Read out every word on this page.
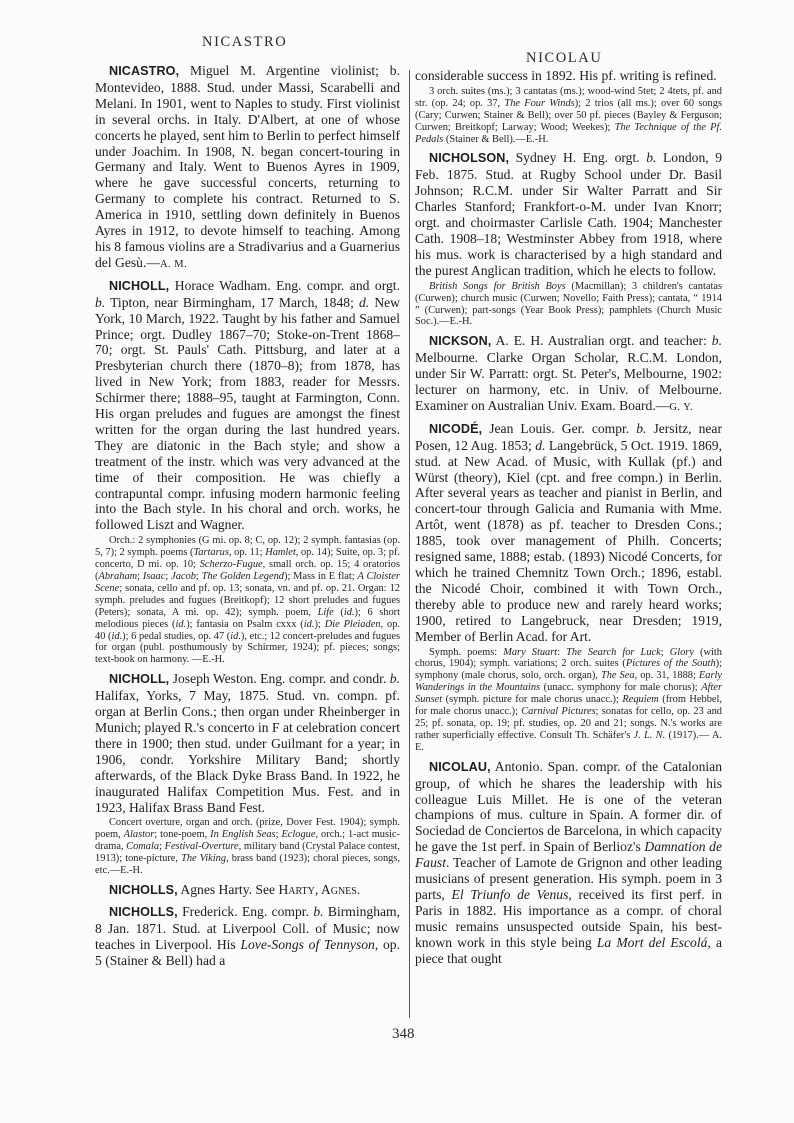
NICASTRO
NICOLAU

NICASTRO, Miguel M. Argentine violinist; b. Montevideo, 1888. Stud. under Massi, Scarabelli and Melani. In 1901, went to Naples to study. First violinist in several orchs. in Italy. D'Albert, at one of whose concerts he played, sent him to Berlin to perfect himself under Joachim. In 1908, N. began concert-touring in Germany and Italy. Went to Buenos Ayres in 1909, where he gave successful concerts, returning to Germany to complete his contract. Returned to S. America in 1910, settling down definitely in Buenos Ayres in 1912, to devote himself to teaching. Among his 8 famous violins are a Stradivarius and a Guarnerius del Gesù.—A. M.

NICHOLL, Horace Wadham. Eng. compr. and orgt. b. Tipton, near Birmingham, 17 March, 1848; d. New York, 10 March, 1922. Taught by his father and Samuel Prince; orgt. Dudley 1867–70; Stoke-on-Trent 1868–70; orgt. St. Pauls' Cath. Pittsburg, and later at a Presbyterian church there (1870–8); from 1878, has lived in New York; from 1883, reader for Messrs. Schirmer there; 1888–95, taught at Farmington, Conn. His organ preludes and fugues are amongst the finest written for the organ during the last hundred years. They are diatonic in the Bach style; and show a treatment of the instr. which was very advanced at the time of their composition. He was chiefly a contrapuntal compr. infusing modern harmonic feeling into the Bach style. In his choral and orch. works, he followed Liszt and Wagner.

Orch.: 2 symphonies (G mi. op. 8; C, op. 12); 2 symph. fantasias (op. 5, 7); 2 symph. poems (Tartarus, op. 11; Hamlet, op. 14); Suite, op. 3; pf. concerto, D mi. op. 10; Scherzo-Fugue, small orch. op. 15; 4 oratorios (Abraham; Isaac; Jacob; The Golden Legend); Mass in E flat; A Cloister Scene; sonata, cello and pf. op. 13; sonata, vn. and pf. op. 21. Organ: 12 symph. preludes and fugues (Breitkopf); 12 short preludes and fugues (Peters); sonata, A mi. op. 42); symph. poem, Life (id.); 6 short melodious pieces (id.); fantasia on Psalm cxxx (id.); Die Pleiaden, op. 40 (id.); 6 pedal studies, op. 47 (id.), etc.; 12 concert-preludes and fugues for organ (publ. posthumously by Schirmer, 1924); pf. pieces; songs; text-book on harmony. —E.-H.

NICHOLL, Joseph Weston. Eng. compr. and condr. b. Halifax, Yorks, 7 May, 1875. Stud. vn. compn. pf. organ at Berlin Cons.; then organ under Rheinberger in Munich; played R.'s concerto in F at celebration concert there in 1900; then stud. under Guilmant for a year; in 1906, condr. Yorkshire Military Band; shortly afterwards, of the Black Dyke Brass Band. In 1922, he inaugurated Halifax Competition Mus. Fest. and in 1923, Halifax Brass Band Fest.

Concert overture, organ and orch. (prize, Dover Fest. 1904); symph. poem, Alastor; tone-poem, In English Seas; Eclogue, orch.; 1-act music-drama, Comala; Festival-Overture, military band (Crystal Palace contest, 1913); tone-picture, The Viking, brass band (1923); choral pieces, songs, etc.—E.-H.

NICHOLLS, Agnes Harty. See Harty, Agnes.

NICHOLLS, Frederick. Eng. compr. b. Birmingham, 8 Jan. 1871. Stud. at Liverpool Coll. of Music; now teaches in Liverpool. His Love-Songs of Tennyson, op. 5 (Stainer & Bell) had a

considerable success in 1892. His pf. writing is refined.

3 orch. suites (ms.); 3 cantatas (ms.); wood-wind 5tet; 2 4tets, pf. and str. (op. 24; op. 37, The Four Winds); 2 trios (all ms.); over 60 songs (Cary; Curwen; Stainer & Bell); over 50 pf. pieces (Bayley & Ferguson; Curwen; Breitkopf; Larway; Wood; Weekes); The Technique of the Pf. Pedals (Stainer & Bell).—E.-H.

NICHOLSON, Sydney H. Eng. orgt. b. London, 9 Feb. 1875. Stud. at Rugby School under Dr. Basil Johnson; R.C.M. under Sir Walter Parratt and Sir Charles Stanford; Frankfort-o-M. under Ivan Knorr; orgt. and choirmaster Carlisle Cath. 1904; Manchester Cath. 1908–18; Westminster Abbey from 1918, where his mus. work is characterised by a high standard and the purest Anglican tradition, which he elects to follow.

British Songs for British Boys (Macmillan); 3 children's cantatas (Curwen); church music (Curwen; Novello; Faith Press); cantata, “ 1914 ” (Curwen); part-songs (Year Book Press); pamphlets (Church Music Soc.).—E.-H.

NICKSON, A. E. H. Australian orgt. and teacher: b. Melbourne. Clarke Organ Scholar, R.C.M. London, under Sir W. Parratt: orgt. St. Peter's, Melbourne, 1902: lecturer on harmony, etc. in Univ. of Melbourne. Examiner on Australian Univ. Exam. Board.—G. Y.

NICODÉ, Jean Louis. Ger. compr. b. Jersitz, near Posen, 12 Aug. 1853; d. Langebrück, 5 Oct. 1919. 1869, stud. at New Acad. of Music, with Kullak (pf.) and Würst (theory), Kiel (cpt. and free compn.) in Berlin. After several years as teacher and pianist in Berlin, and concert-tour through Galicia and Rumania with Mme. Artôt, went (1878) as pf. teacher to Dresden Cons.; 1885, took over management of Philh. Concerts; resigned same, 1888; estab. (1893) Nicodé Concerts, for which he trained Chemnitz Town Orch.; 1896, establ. the Nicodé Choir, combined it with Town Orch., thereby able to produce new and rarely heard works; 1900, retired to Langebruck, near Dresden; 1919, Member of Berlin Acad. for Art.

Symph. poems: Mary Stuart: The Search for Luck; Glory (with chorus, 1904); symph. variations; 2 orch. suites (Pictures of the South); symphony (male chorus, solo, orch. organ), The Sea, op. 31, 1888; Early Wanderings in the Mountains (unacc. symphony for male chorus); After Sunset (symph. picture for male chorus unacc.); Requiem (from Hebbel, for male chorus unacc.); Carnival Pictures; sonatas for cello, op. 23 and 25; pf. sonata, op. 19; pf. studies, op. 20 and 21; songs. N.'s works are rather superficially effective. Consult Th. Schäfer's J. L. N. (1917).— A. E.

NICOLAU, Antonio. Span. compr. of the Catalonian group, of which he shares the leadership with his colleague Luis Millet. He is one of the veteran champions of mus. culture in Spain. A former dir. of Sociedad de Conciertos de Barcelona, in which capacity he gave the 1st perf. in Spain of Berlioz's Damnation de Faust. Teacher of Lamote de Grignon and other leading musicians of present generation. His symph. poem in 3 parts, El Triunfo de Venus, received its first perf. in Paris in 1882. His importance as a compr. of choral music remains unsuspected outside Spain, his best-known work in this style being La Mort del Escolá, a piece that ought

348
